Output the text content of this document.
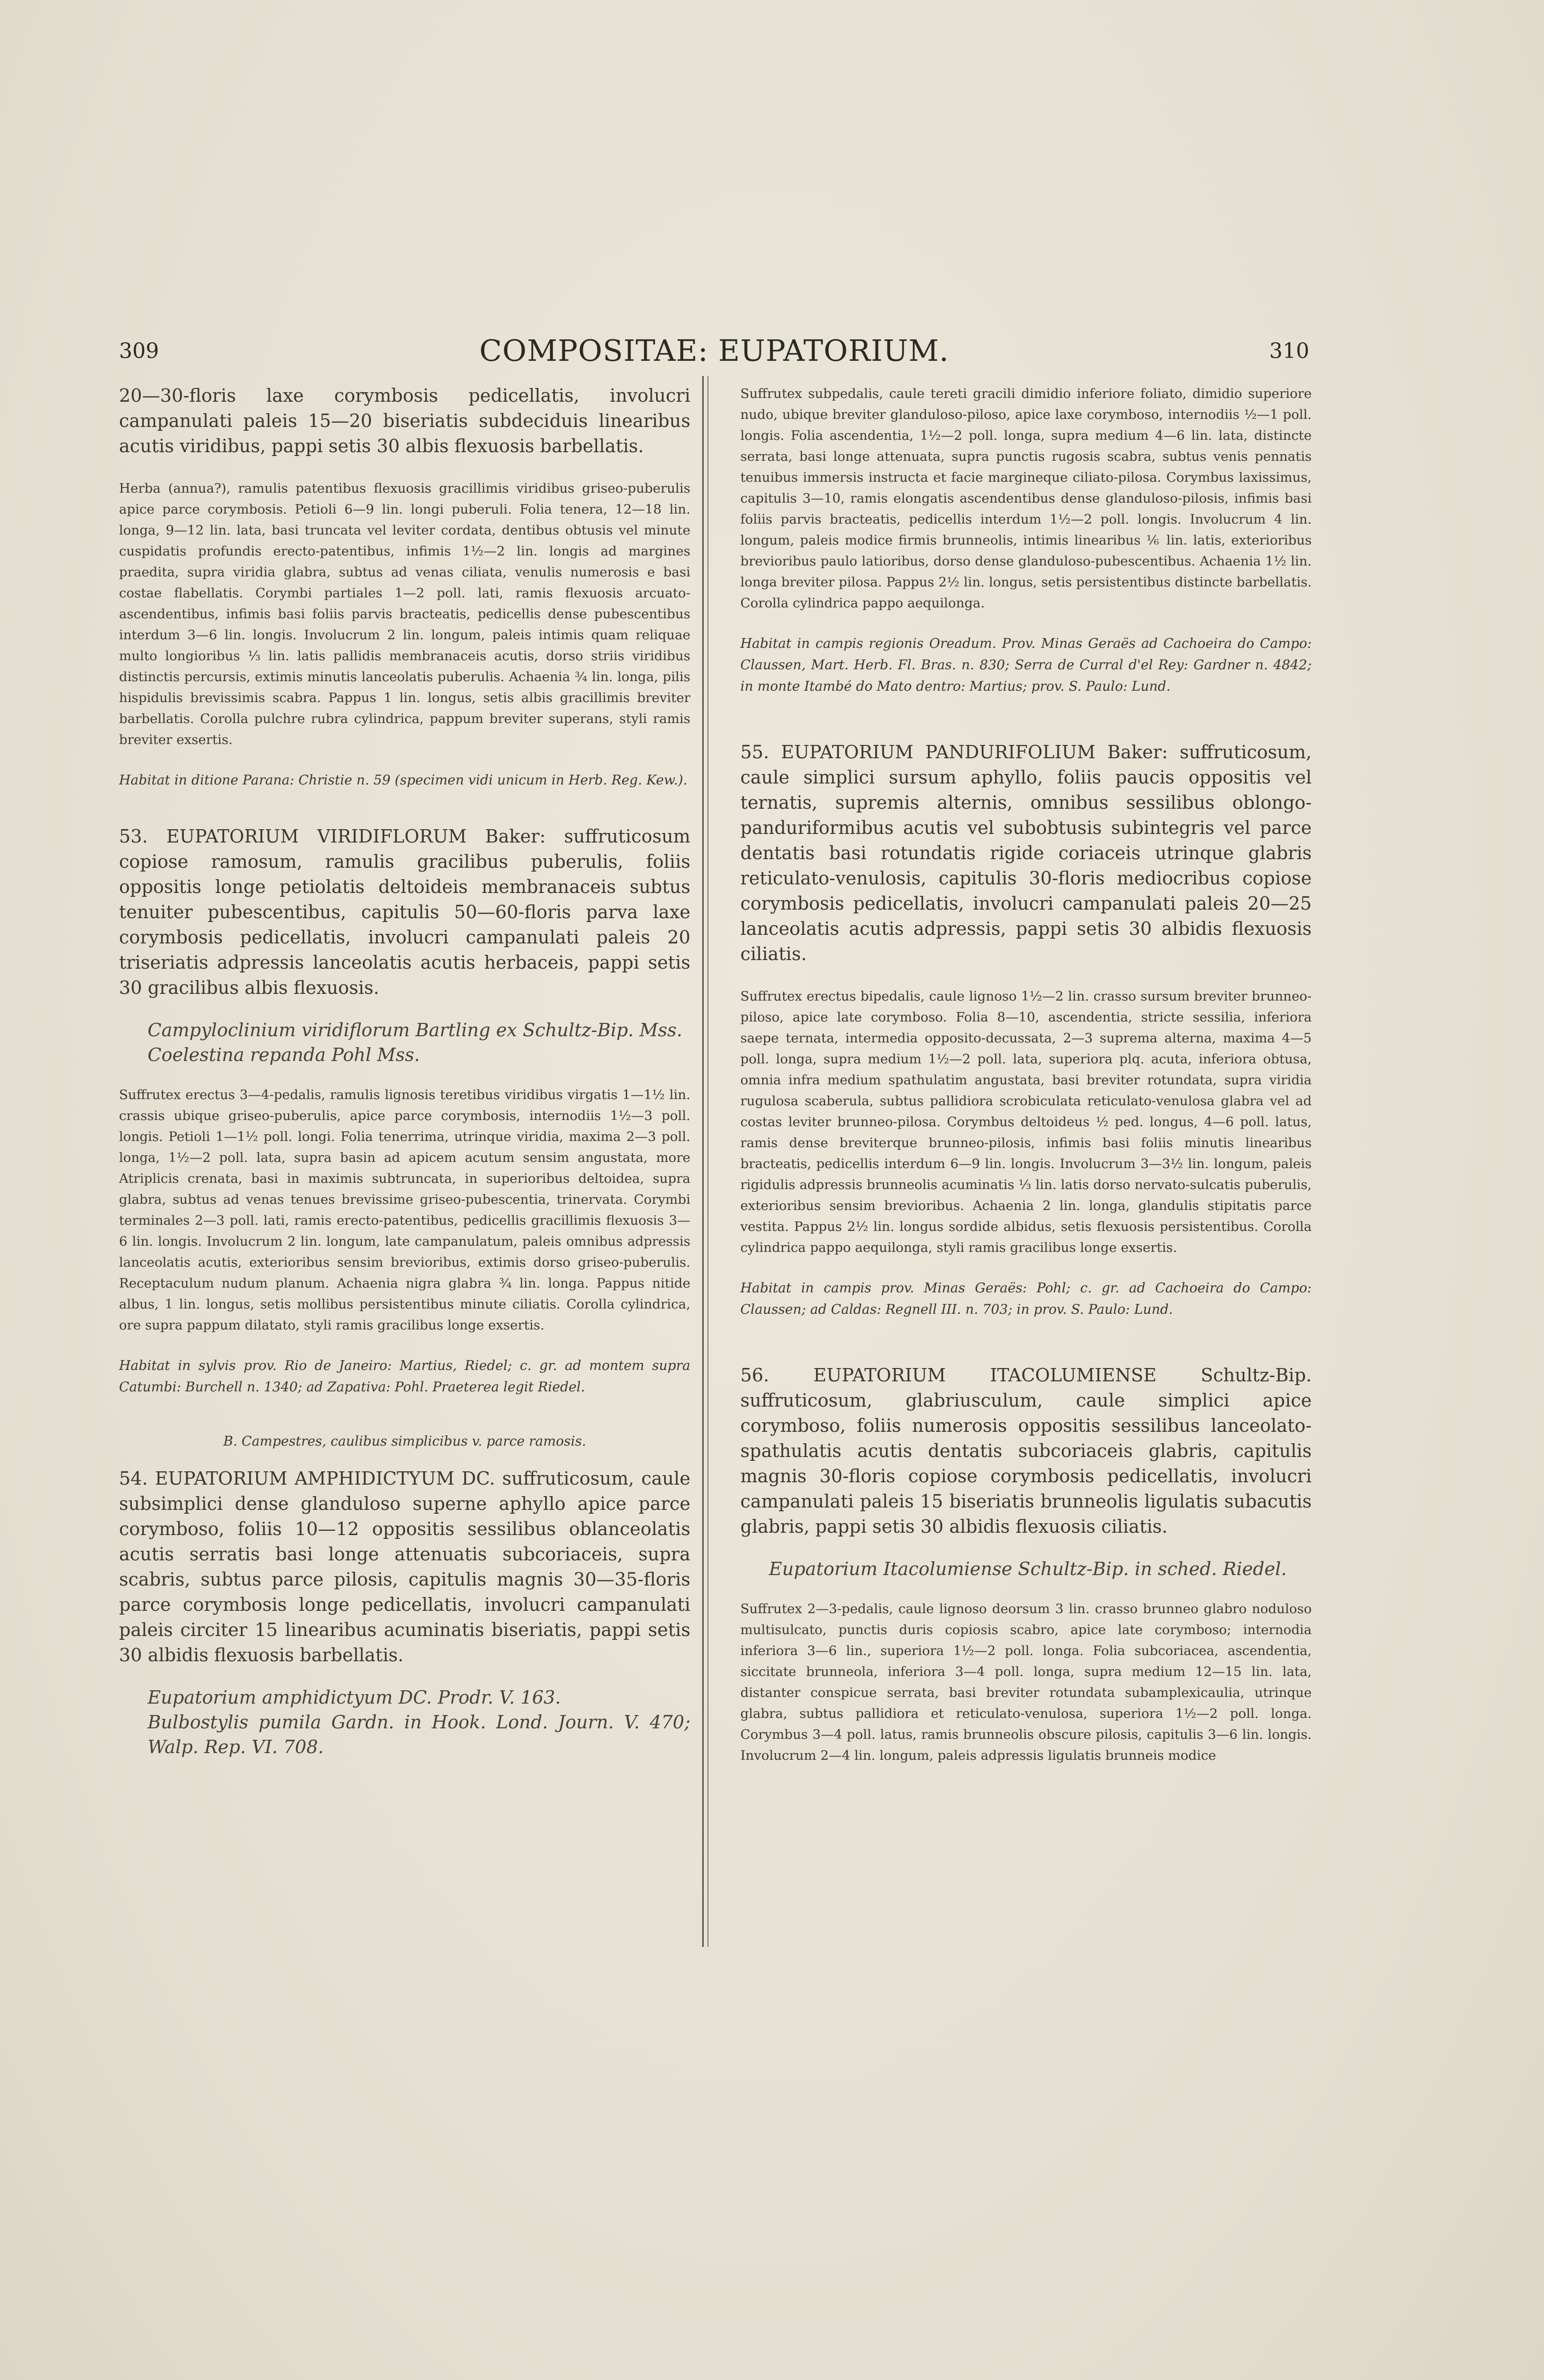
309	COMPOSITAE: EUPATORIUM.	310

20—30-floris laxe corymbosis pedicellatis, involucri campanulati paleis 15—20 biseriatis subdeciduis linearibus acutis viridibus, pappi setis 30 albis flexuosis barbellatis.

Herba (annua?), ramulis patentibus flexuosis gracillimis viridibus griseo-puberulis apice parce corymbosis. Petioli 6—9 lin. longi puberuli. Folia tenera, 12—18 lin. longa, 9—12 lin. lata, basi truncata vel leviter cordata, dentibus obtusis vel minute cuspidatis profundis erecto-patentibus, infimis 1½—2 lin. longis ad margines praedita, supra viridia glabra, subtus ad venas ciliata, venulis numerosis e basi costae flabellatis. Corymbi partiales 1—2 poll. lati, ramis flexuosis arcuato-ascendentibus, infimis basi foliis parvis bracteatis, pedicellis dense pubescentibus interdum 3—6 lin. longis. Involucrum 2 lin. longum, paleis intimis quam reliquae multo longioribus ⅓ lin. latis pallidis membranaceis acutis, dorso striis viridibus distinctis percursis, extimis minutis lanceolatis puberulis. Achaenia ¾ lin. longa, pilis hispidulis brevissimis scabra. Pappus 1 lin. longus, setis albis gracillimis breviter barbellatis. Corolla pulchre rubra cylindrica, pappum breviter superans, styli ramis breviter exsertis.

Habitat in ditione Parana: Christie n. 59 (specimen vidi unicum in Herb. Reg. Kew.).

53. EUPATORIUM VIRIDIFLORUM Baker: suffruticosum copiose ramosum, ramulis gracilibus puberulis, foliis oppositis longe petiolatis deltoideis membranaceis subtus tenuiter pubescentibus, capitulis 50—60-floris parva laxe corymbosis pedicellatis, involucri campanulati paleis 20 triseriatis adpressis lanceolatis acutis herbaceis, pappi setis 30 gracilibus albis flexuosis.

Campyloclinium viridiflorum Bartling ex Schultz-Bip. Mss.

Coelestina repanda Pohl Mss.

Suffrutex erectus 3—4-pedalis, ramulis lignosis teretibus viridibus virgatis 1—1½ lin. crassis ubique griseo-puberulis, apice parce corymbosis, internodiis 1½—3 poll. longis. Petioli 1—1½ poll. longi. Folia tenerrima, utrinque viridia, maxima 2—3 poll. longa, 1½—2 poll. lata, supra basin ad apicem acutum sensim angustata, more Atriplicis crenata, basi in maximis subtruncata, in superioribus deltoidea, supra glabra, subtus ad venas tenues brevissime griseo-pubescentia, trinervata. Corymbi terminales 2—3 poll. lati, ramis erecto-patentibus, pedicellis gracillimis flexuosis 3—6 lin. longis. Involucrum 2 lin. longum, late campanulatum, paleis omnibus adpressis lanceolatis acutis, exterioribus sensim brevioribus, extimis dorso griseo-puberulis. Receptaculum nudum planum. Achaenia nigra glabra ¾ lin. longa. Pappus nitide albus, 1 lin. longus, setis mollibus persistentibus minute ciliatis. Corolla cylindrica, ore supra pappum dilatato, styli ramis gracilibus longe exsertis.

Habitat in sylvis prov. Rio de Janeiro: Martius, Riedel; c. gr. ad montem supra Catumbi: Burchell n. 1340; ad Zapativa: Pohl. Praeterea legit Riedel.

B. Campestres, caulibus simplicibus v. parce ramosis.

54. EUPATORIUM AMPHIDICTYUM DC. suffruticosum, caule subsimplici dense glanduloso superne aphyllo apice parce corymboso, foliis 10—12 oppositis sessilibus oblanceolatis acutis serratis basi longe attenuatis subcoriaceis, supra scabris, subtus parce pilosis, capitulis magnis 30—35-floris parce corymbosis longe pedicellatis, involucri campanulati paleis circiter 15 linearibus acuminatis biseriatis, pappi setis 30 albidis flexuosis barbellatis.

Eupatorium amphidictyum DC. Prodr. V. 163.

Bulbostylis pumila Gardn. in Hook. Lond. Journ. V. 470; Walp. Rep. VI. 708.

Suffrutex subpedalis, caule tereti gracili dimidio inferiore foliato, dimidio superiore nudo, ubique breviter glanduloso-piloso, apice laxe corymboso, internodiis ½—1 poll. longis. Folia ascendentia, 1½—2 poll. longa, supra medium 4—6 lin. lata, distincte serrata, basi longe attenuata, supra punctis rugosis scabra, subtus venis pennatis tenuibus immersis instructa et facie margineque ciliato-pilosa. Corymbus laxissimus, capitulis 3—10, ramis elongatis ascendentibus dense glanduloso-pilosis, infimis basi foliis parvis bracteatis, pedicellis interdum 1½—2 poll. longis. Involucrum 4 lin. longum, paleis modice firmis brunneolis, intimis linearibus ⅙ lin. latis, exterioribus brevioribus paulo latioribus, dorso dense glanduloso-pubescentibus. Achaenia 1½ lin. longa breviter pilosa. Pappus 2½ lin. longus, setis persistentibus distincte barbellatis. Corolla cylindrica pappo aequilonga.

Habitat in campis regionis Oreadum. Prov. Minas Geraës ad Cachoeira do Campo: Claussen, Mart. Herb. Fl. Bras. n. 830; Serra de Curral d'el Rey: Gardner n. 4842; in monte Itambé do Mato dentro: Martius; prov. S. Paulo: Lund.

55. EUPATORIUM PANDURIFOLIUM Baker: suffruticosum, caule simplici sursum aphyllo, foliis paucis oppositis vel ternatis, supremis alternis, omnibus sessilibus oblongo-panduriformibus acutis vel subobtusis subintegris vel parce dentatis basi rotundatis rigide coriaceis utrinque glabris reticulato-venulosis, capitulis 30-floris mediocribus copiose corymbosis pedicellatis, involucri campanulati paleis 20—25 lanceolatis acutis adpressis, pappi setis 30 albidis flexuosis ciliatis.

Suffrutex erectus bipedalis, caule lignoso 1½—2 lin. crasso sursum breviter brunneo-piloso, apice late corymboso. Folia 8—10, ascendentia, stricte sessilia, inferiora saepe ternata, intermedia opposito-decussata, 2—3 suprema alterna, maxima 4—5 poll. longa, supra medium 1½—2 poll. lata, superiora plq. acuta, inferiora obtusa, omnia infra medium spathulatim angustata, basi breviter rotundata, supra viridia rugulosa scaberula, subtus pallidiora scrobiculata reticulato-venulosa glabra vel ad costas leviter brunneo-pilosa. Corymbus deltoideus ½ ped. longus, 4—6 poll. latus, ramis dense breviterque brunneo-pilosis, infimis basi foliis minutis linearibus bracteatis, pedicellis interdum 6—9 lin. longis. Involucrum 3—3½ lin. longum, paleis rigidulis adpressis brunneolis acuminatis ⅓ lin. latis dorso nervato-sulcatis puberulis, exterioribus sensim brevioribus. Achaenia 2 lin. longa, glandulis stipitatis parce vestita. Pappus 2½ lin. longus sordide albidus, setis flexuosis persistentibus. Corolla cylindrica pappo aequilonga, styli ramis gracilibus longe exsertis.

Habitat in campis prov. Minas Geraës: Pohl; c. gr. ad Cachoeira do Campo: Claussen; ad Caldas: Regnell III. n. 703; in prov. S. Paulo: Lund.

56. EUPATORIUM ITACOLUMIENSE Schultz-Bip. suffruticosum, glabriusculum, caule simplici apice corymboso, foliis numerosis oppositis sessilibus lanceolato-spathulatis acutis dentatis subcoriaceis glabris, capitulis magnis 30-floris copiose corymbosis pedicellatis, involucri campanulati paleis 15 biseriatis brunneolis ligulatis subacutis glabris, pappi setis 30 albidis flexuosis ciliatis.

Eupatorium Itacolumiense Schultz-Bip. in sched. Riedel.

Suffrutex 2—3-pedalis, caule lignoso deorsum 3 lin. crasso brunneo glabro noduloso multisulcato, punctis duris copiosis scabro, apice late corymboso; internodia inferiora 3—6 lin., superiora 1½—2 poll. longa. Folia subcoriacea, ascendentia, siccitate brunneola, inferiora 3—4 poll. longa, supra medium 12—15 lin. lata, distanter conspicue serrata, basi breviter rotundata subamplexicaulia, utrinque glabra, subtus pallidiora et reticulato-venulosa, superiora 1½—2 poll. longa. Corymbus 3—4 poll. latus, ramis brunneolis obscure pilosis, capitulis 3—6 lin. longis. Involucrum 2—4 lin. longum, paleis adpressis ligulatis brunneis modice
